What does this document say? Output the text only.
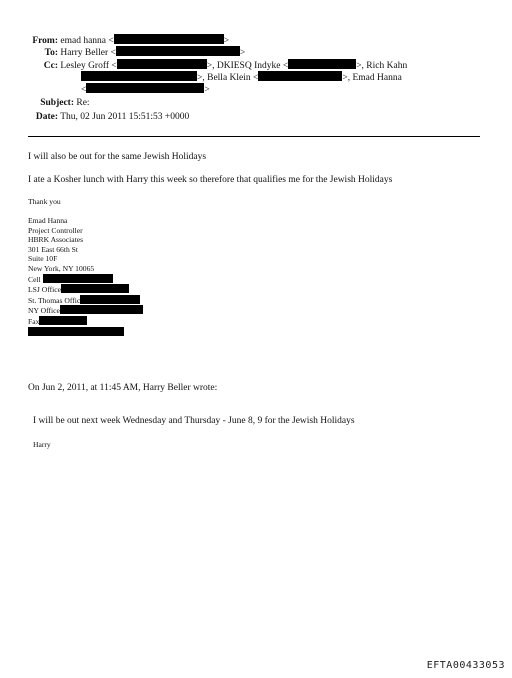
From: emad hanna <	>
To: Harry Beller <	>
Cc: Lesley Groff <	>, DKIESQ Indyke <	>, Rich Kahn
>, Bella Klein <	>, Emad Hanna
<	>
Subject: Re:
Date: Thu, 02 Jun 2011 15:51:53 +0000
I will also be out for the same Jewish Holidays
I ate a Kosher lunch with Harry this week so therefore that qualifies me for the Jewish Holidays
Thank you
Emad Hanna
Project Controller
HBRK Associates
301 East 66th St
Suite 10F
New York, NY 10065
Cell
LSJ Office
St. Thomas Offic
NY Office
Fax
On Jun 2, 2011, at 11:45 AM, Harry Beller wrote:
I will be out next week Wednesday and Thursday - June 8, 9 for the Jewish Holidays
Harry
EFTA00433053
